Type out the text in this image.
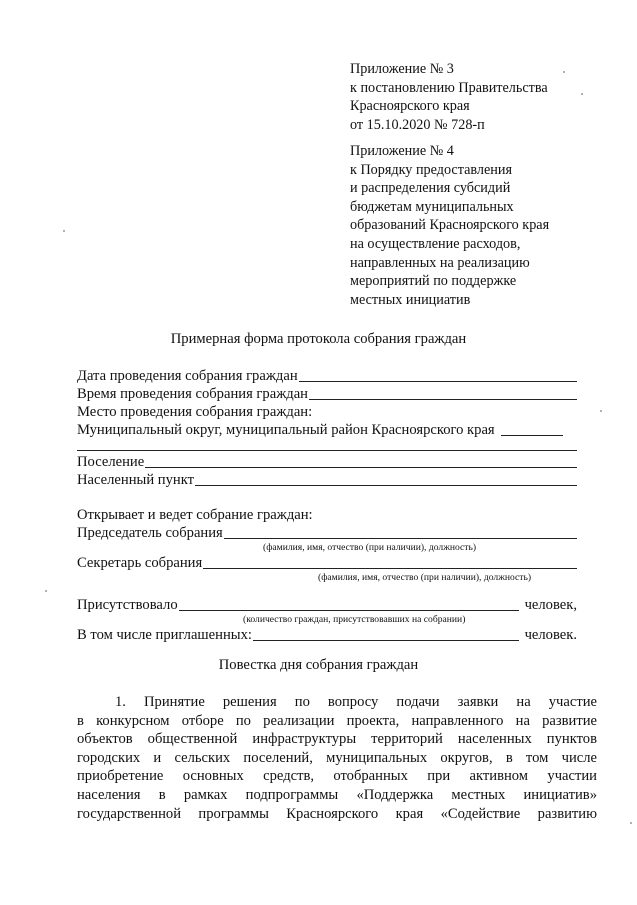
Приложение № 3
к постановлению Правительства
Красноярского края
от 15.10.2020 № 728-п
Приложение № 4
к Порядку предоставления
и распределения субсидий
бюджетам муниципальных
образований Красноярского края
на осуществление расходов,
направленных на реализацию
мероприятий по поддержке
местных инициатив
Примерная форма протокола собрания граждан
Дата проведения собрания граждан
Время проведения собрания граждан
Место проведения собрания граждан:
Муниципальный округ, муниципальный район Красноярского края
Поселение
Населенный пункт
Открывает и ведет собрание граждан:
Председатель собрания
(фамилия, имя, отчество (при наличии), должность)
Секретарь собрания
(фамилия, имя, отчество (при наличии), должность)
Присутствовало	человек,
(количество граждан, присутствовавших на собрании)
В том числе приглашенных:	человек.
Повестка дня собрания граждан
1. Принятие решения по вопросу подачи заявки на участие
в конкурсном отборе по реализации проекта, направленного на развитие
объектов общественной инфраструктуры территорий населенных пунктов
городских и сельских поселений, муниципальных округов, в том числе
приобретение основных средств, отобранных при активном участии
населения в рамках подпрограммы «Поддержка местных инициатив»
государственной программы Красноярского края «Содействие развитию
